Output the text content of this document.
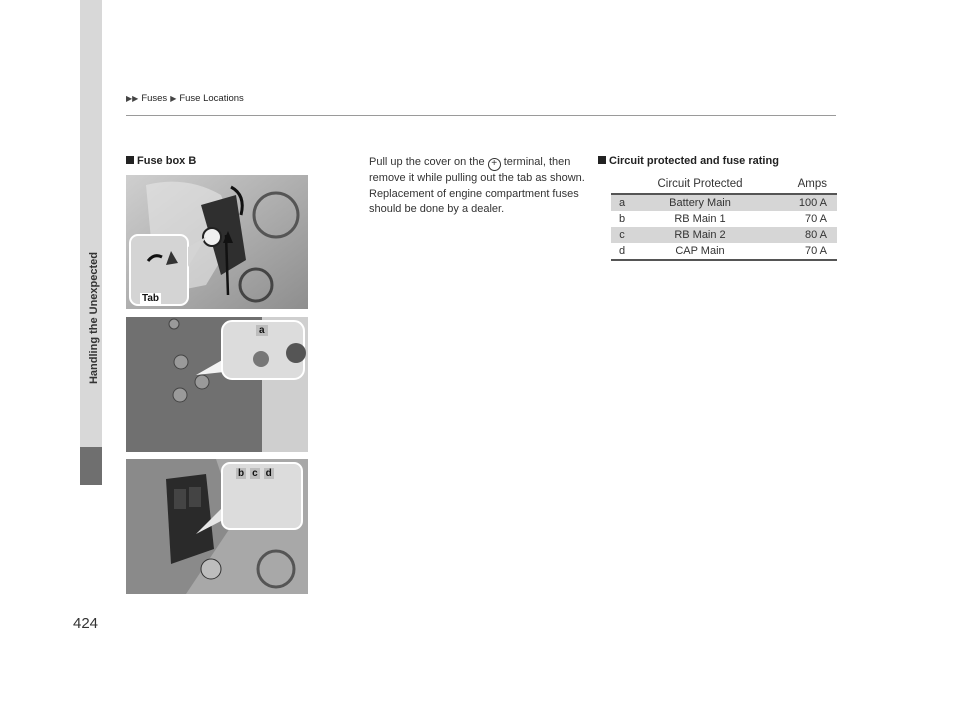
▶▶ Fuses ▶ Fuse Locations
Handling the Unexpected
424
Fuse box B
Tab
a
b c d
Pull up the cover on the + terminal, then remove it while pulling out the tab as shown.
Replacement of engine compartment fuses should be done by a dealer.
Circuit protected and fuse rating
	Circuit Protected	Amps
a	Battery Main	100 A
b	RB Main 1	70 A
c	RB Main 2	80 A
d	CAP Main	70 A
